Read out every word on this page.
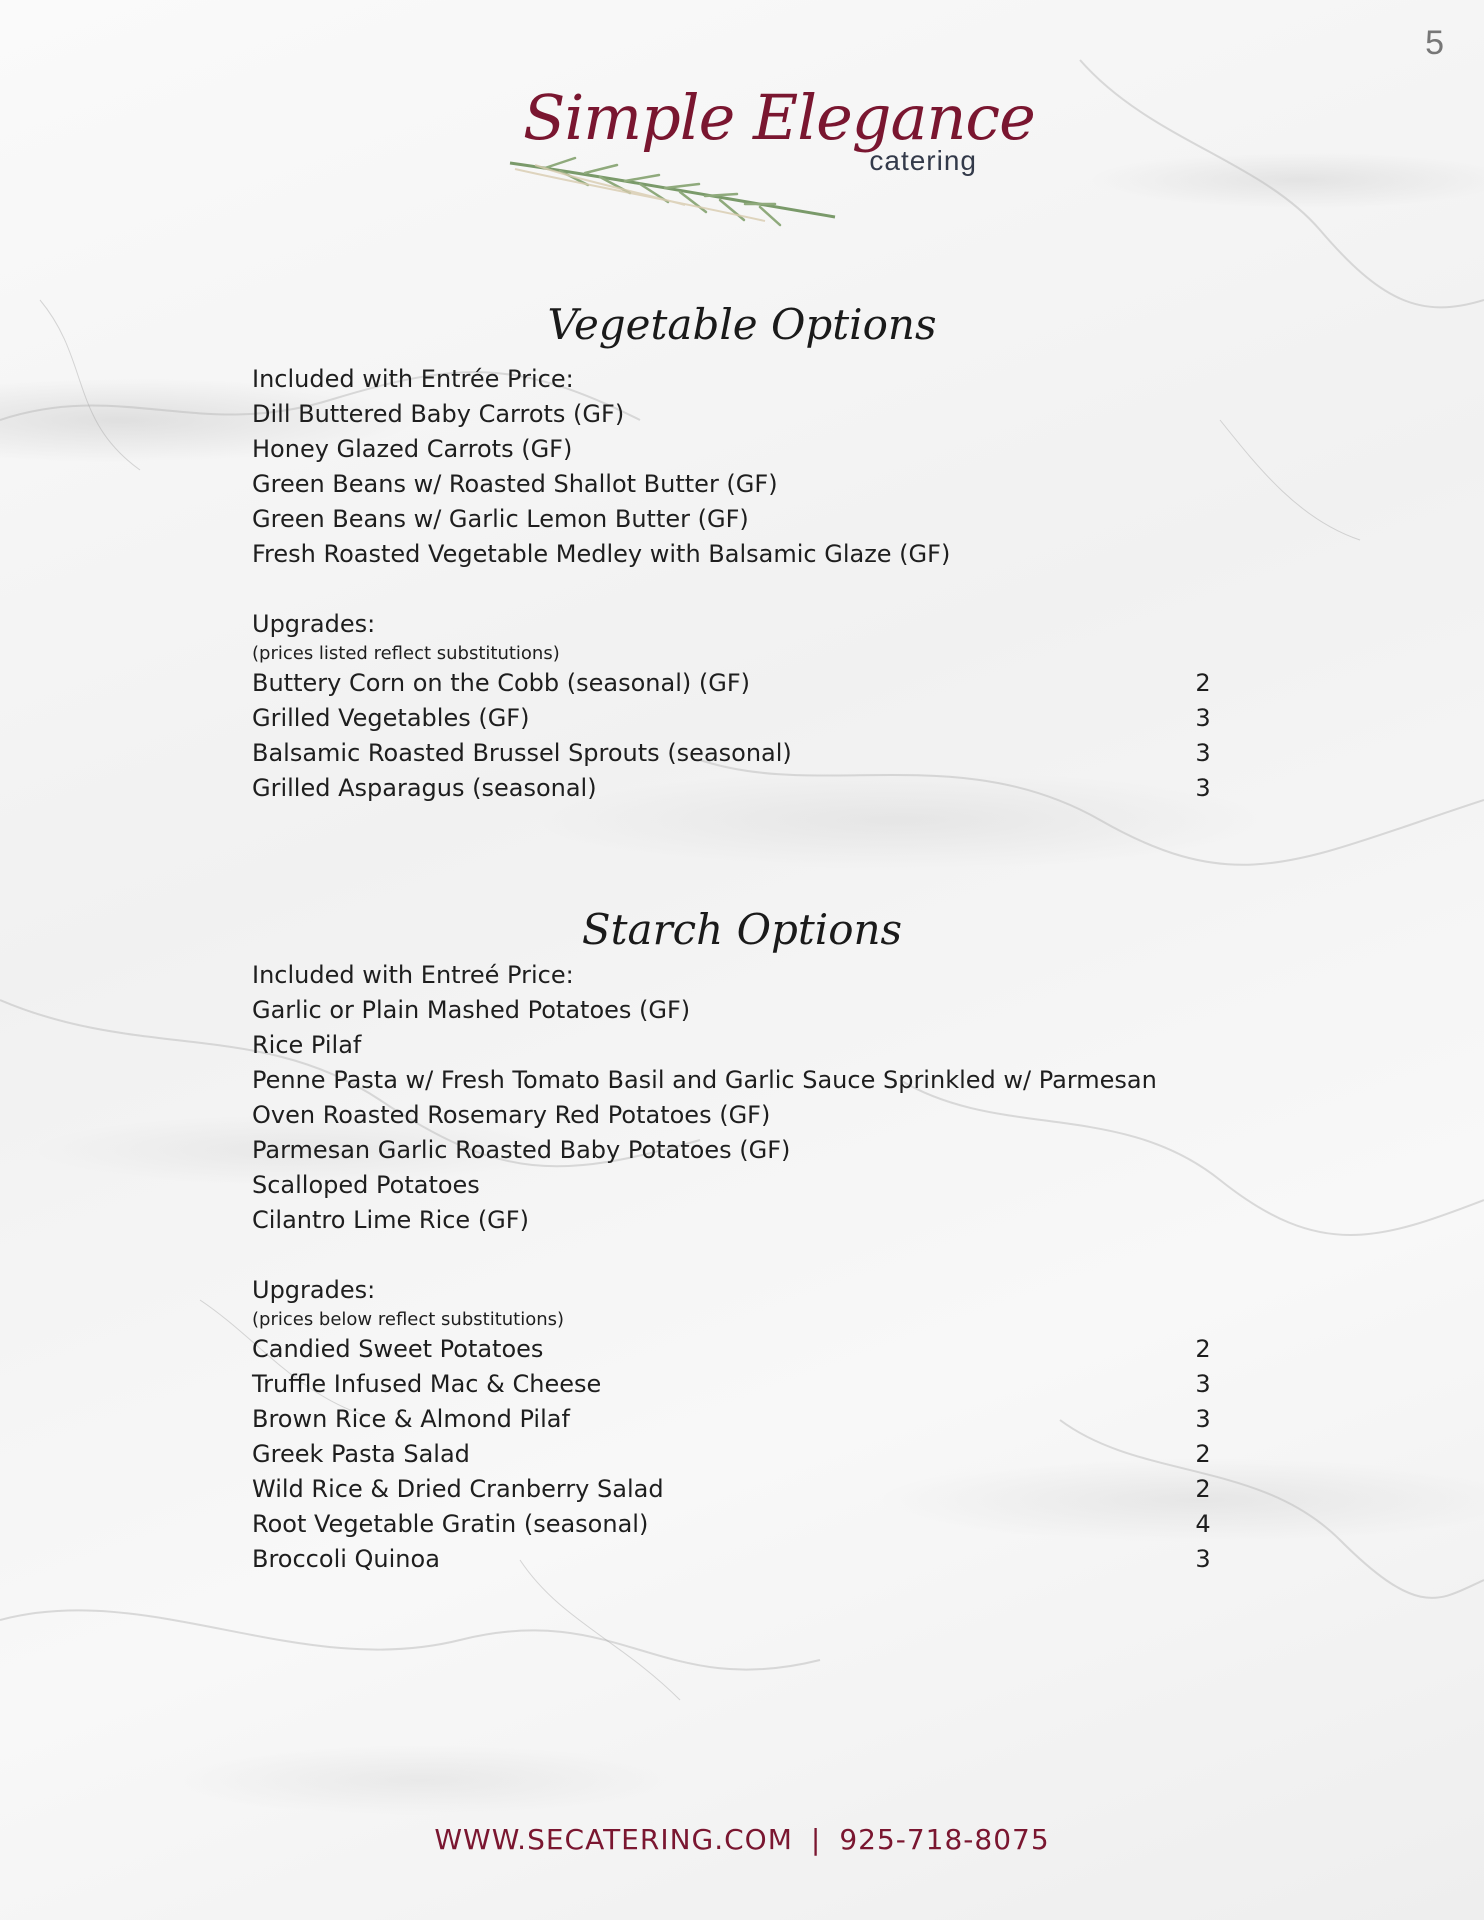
5
Simple Elegance
catering
Vegetable Options
Included with Entrée Price:
Dill Buttered Baby Carrots (GF)
Honey Glazed Carrots (GF)
Green Beans w/ Roasted Shallot Butter (GF)
Green Beans w/ Garlic Lemon Butter (GF)
Fresh Roasted Vegetable Medley with Balsamic Glaze (GF)
Upgrades:
(prices listed reflect substitutions)
Buttery Corn on the Cobb (seasonal) (GF)	2
Grilled Vegetables (GF)	3
Balsamic Roasted Brussel Sprouts (seasonal)	3
Grilled Asparagus (seasonal)	3
Starch Options
Included with Entreé Price:
Garlic or Plain Mashed Potatoes (GF)
Rice Pilaf
Penne Pasta w/ Fresh Tomato Basil and Garlic Sauce Sprinkled w/ Parmesan
Oven Roasted Rosemary Red Potatoes (GF)
Parmesan Garlic Roasted Baby Potatoes (GF)
Scalloped Potatoes
Cilantro Lime Rice (GF)
Upgrades:
(prices below reflect substitutions)
Candied Sweet Potatoes	2
Truffle Infused Mac & Cheese	3
Brown Rice & Almond Pilaf	3
Greek Pasta Salad	2
Wild Rice & Dried Cranberry Salad	2
Root Vegetable Gratin (seasonal)	4
Broccoli Quinoa	3
WWW.SECATERING.COM | 925-718-8075
